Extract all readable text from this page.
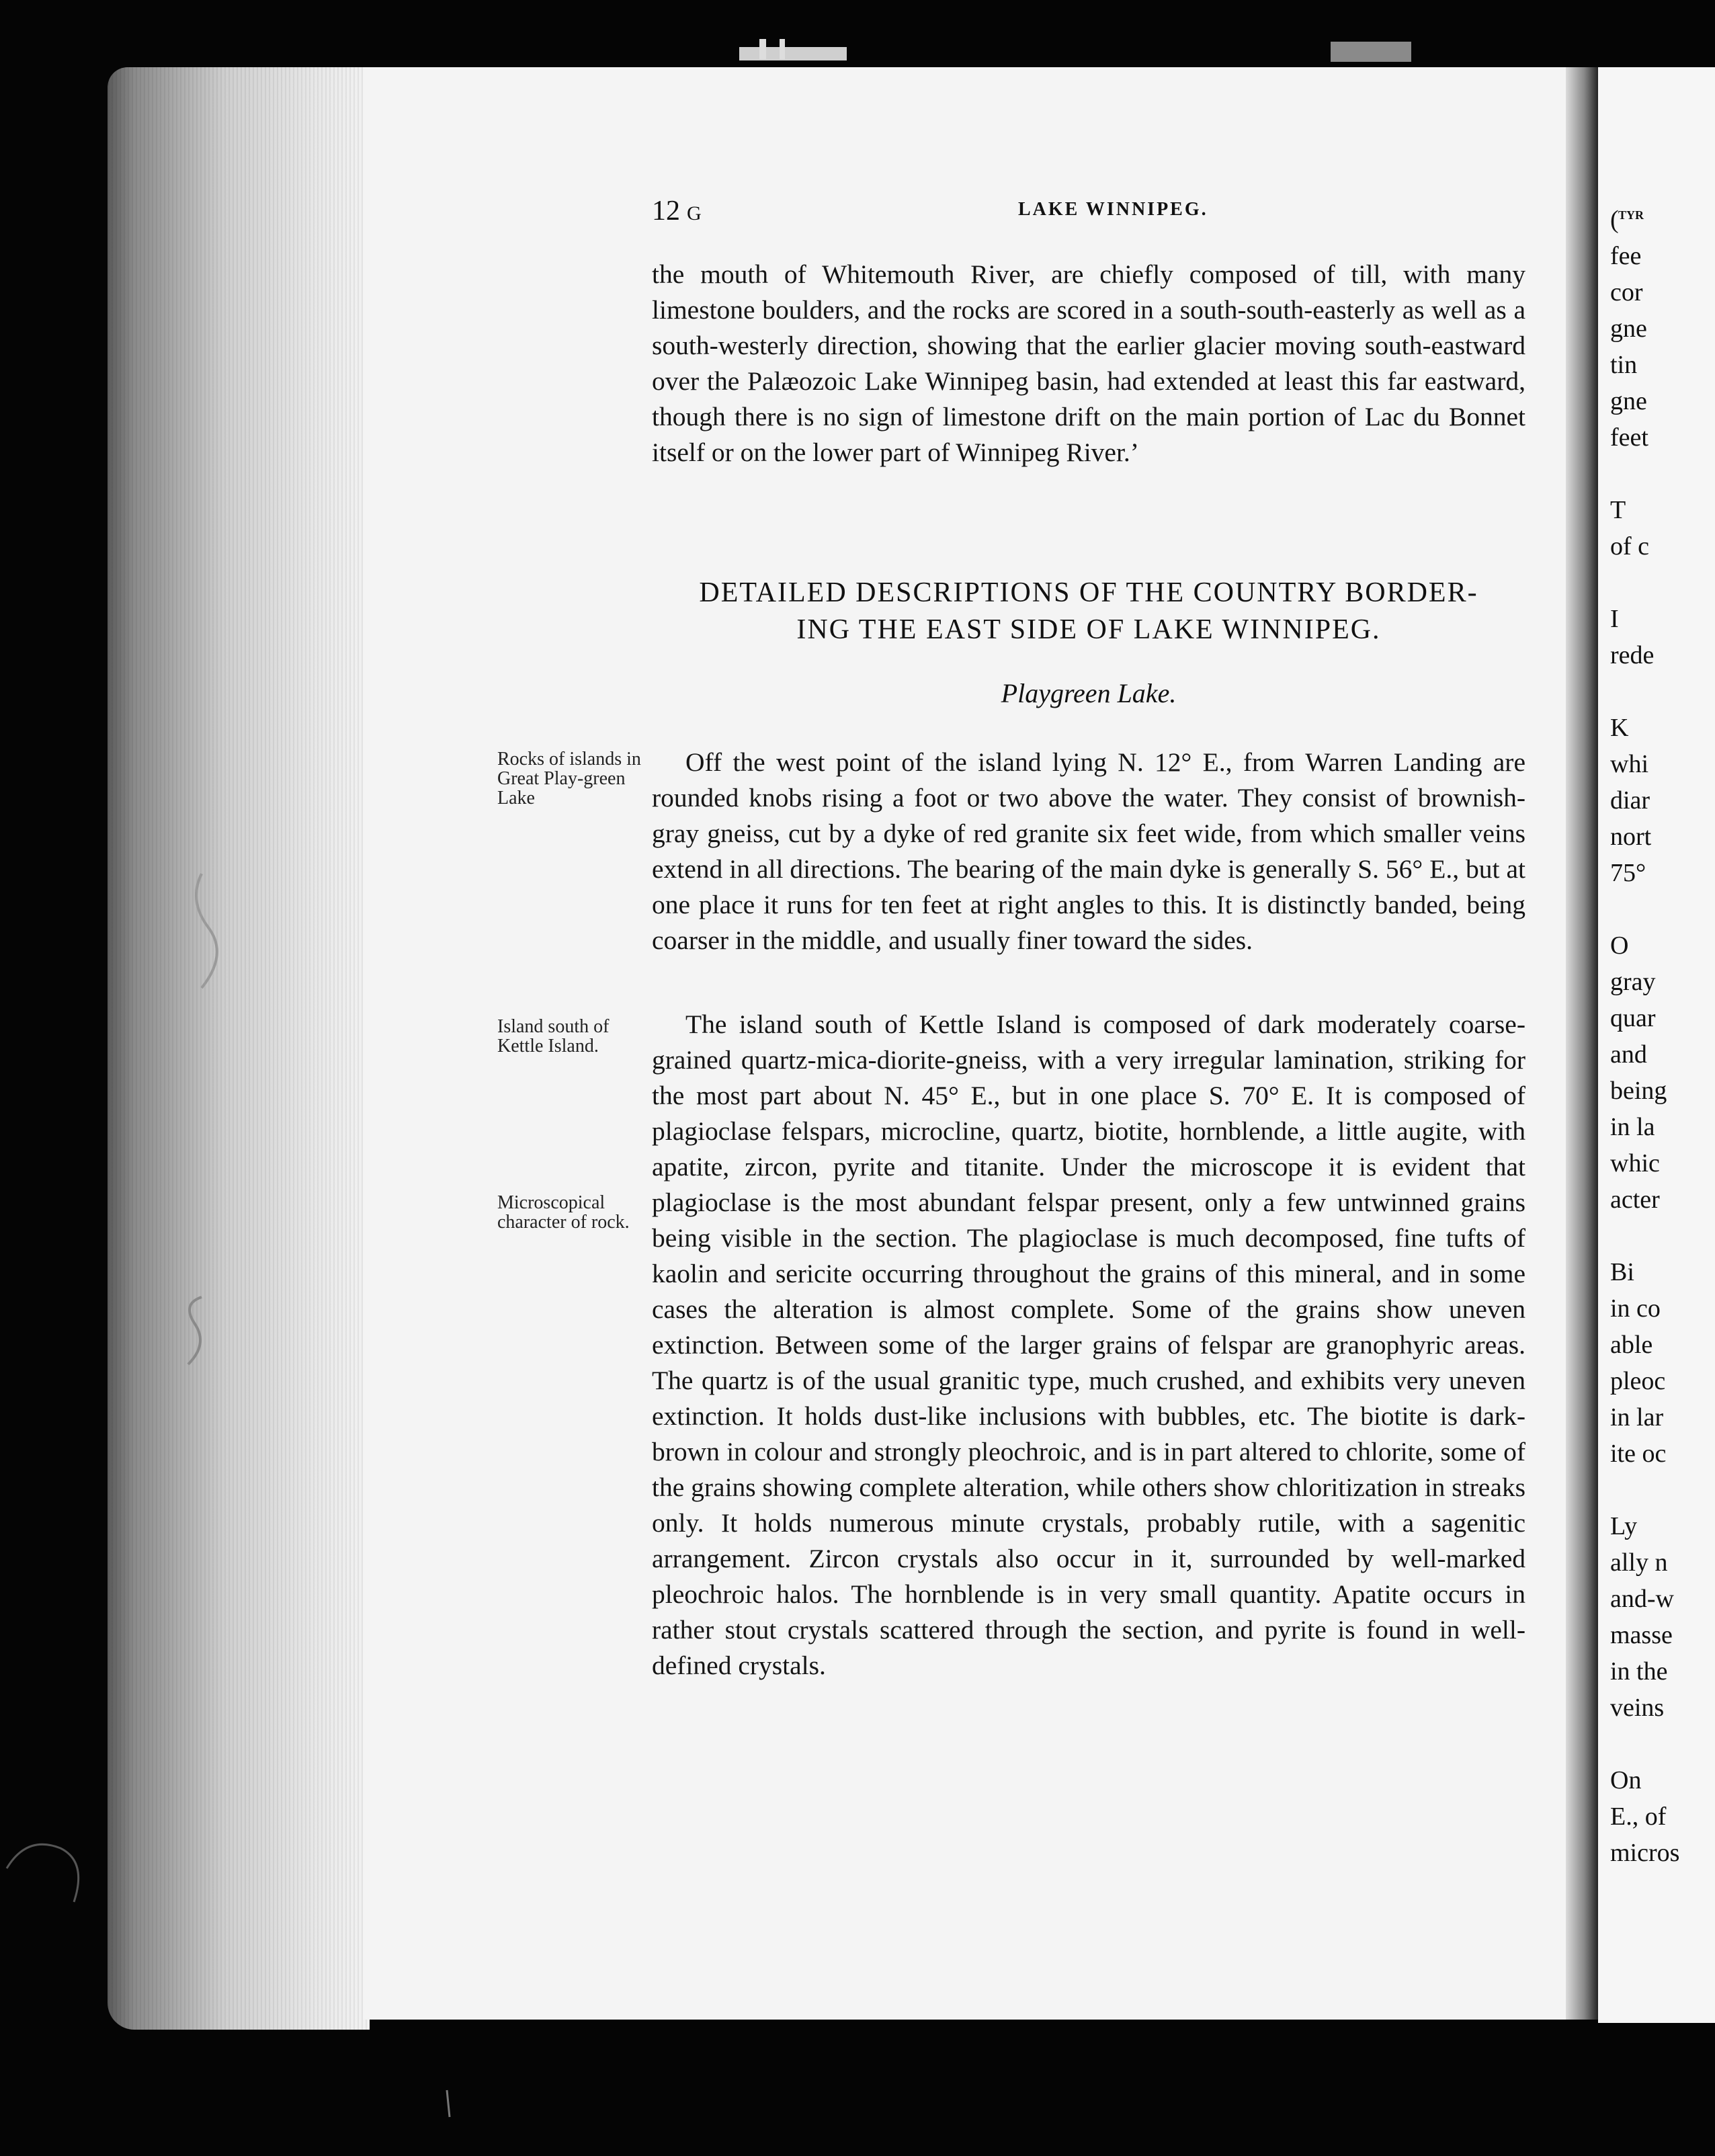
(
fee
cor
gne
tin
gne
feet

T
of c

I
rede

K
whi
diar
nort
75°

O
gray
quar
and
being
in la
whic
acter

Bi
in co
able
pleoc
in lar
ite oc

Ly
ally n
and-w
masse
in the
veins

On
E., of
micros
TYR
12 G	LAKE WINNIPEG.
the mouth of Whitemouth River, are chiefly composed of till, with many limestone boulders, and the rocks are scored in a south-south-easterly as well as a south-westerly direction, showing that the earlier glacier moving south-eastward over the Palæozoic Lake Winnipeg basin, had extended at least this far eastward, though there is no sign of limestone drift on the main portion of Lac du Bonnet itself or on the lower part of Winnipeg River.’
DETAILED DESCRIPTIONS OF THE COUNTRY BORDER-
ING THE EAST SIDE OF LAKE WINNIPEG.
Playgreen Lake.
Rocks of islands in Great Play-green Lake
Off the west point of the island lying N. 12° E., from Warren Landing are rounded knobs rising a foot or two above the water. They consist of brownish-gray gneiss, cut by a dyke of red granite six feet wide, from which smaller veins extend in all directions. The bearing of the main dyke is generally S. 56° E., but at one place it runs for ten feet at right angles to this. It is distinctly banded, being coarser in the middle, and usually finer toward the sides.
Island south of Kettle Island.
Microscopical character of rock.
The island south of Kettle Island is composed of dark moderately coarse-grained quartz-mica-diorite-gneiss, with a very irregular lamination, striking for the most part about N. 45° E., but in one place S. 70° E. It is composed of plagioclase felspars, microcline, quartz, biotite, hornblende, a little augite, with apatite, zircon, pyrite and titanite. Under the microscope it is evident that plagioclase is the most abundant felspar present, only a few untwinned grains being visible in the section. The plagioclase is much decomposed, fine tufts of kaolin and sericite occurring throughout the grains of this mineral, and in some cases the alteration is almost complete. Some of the grains show uneven extinction. Between some of the larger grains of felspar are granophyric areas. The quartz is of the usual granitic type, much crushed, and exhibits very uneven extinction. It holds dust-like inclusions with bubbles, etc. The biotite is dark-brown in colour and strongly pleochroic, and is in part altered to chlorite, some of the grains showing complete alteration, while others show chloritization in streaks only. It holds numerous minute crystals, probably rutile, with a sagenitic arrangement. Zircon crystals also occur in it, surrounded by well-marked pleochroic halos. The hornblende is in very small quantity. Apatite occurs in rather stout crystals scattered through the section, and pyrite is found in well-defined crystals.
